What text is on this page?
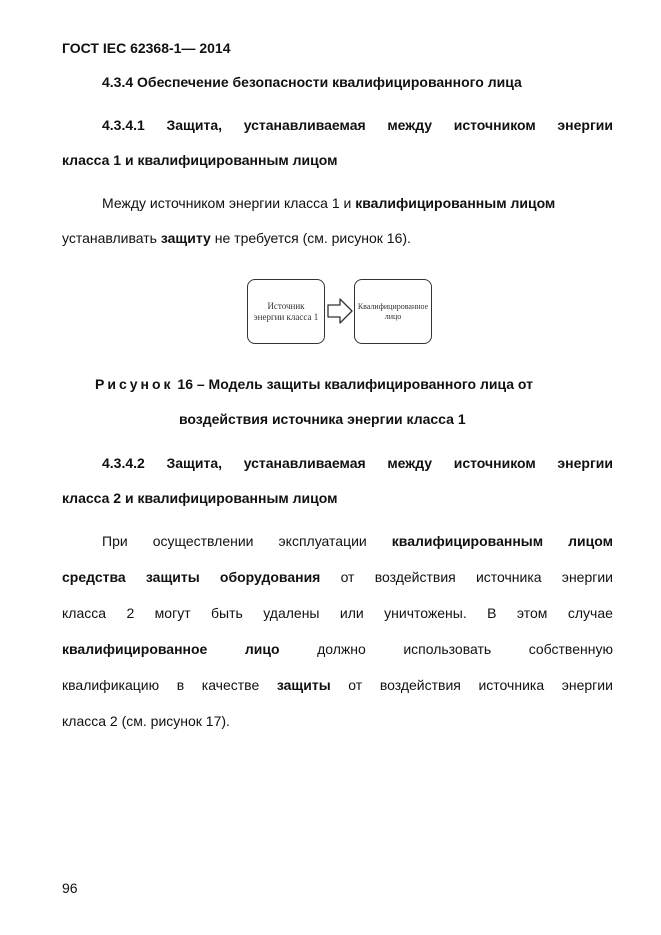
ГОСТ IEC 62368-1— 2014
4.3.4 Обеспечение безопасности квалифицированного лица
4.3.4.1 Защита, устанавливаемая между источником энергии
класса 1 и квалифицированным лицом
Между источником энергии класса 1 и квалифицированным лицом
устанавливать защиту не требуется (см. рисунок 16).
Источник энергии класса 1
Квалифицированное лицо
Рисунок 16 – Модель защиты квалифицированного лица от
воздействия источника энергии класса 1
4.3.4.2 Защита, устанавливаемая между источником энергии
класса 2 и квалифицированным лицом
При осуществлении эксплуатации квалифицированным лицом
средства защиты оборудования от воздействия источника энергии
класса 2 могут быть удалены или уничтожены. В этом случае
квалифицированное	лицо	должно	использовать	собственную
квалификацию в качестве защиты от воздействия источника энергии
класса 2 (см. рисунок 17).
96
